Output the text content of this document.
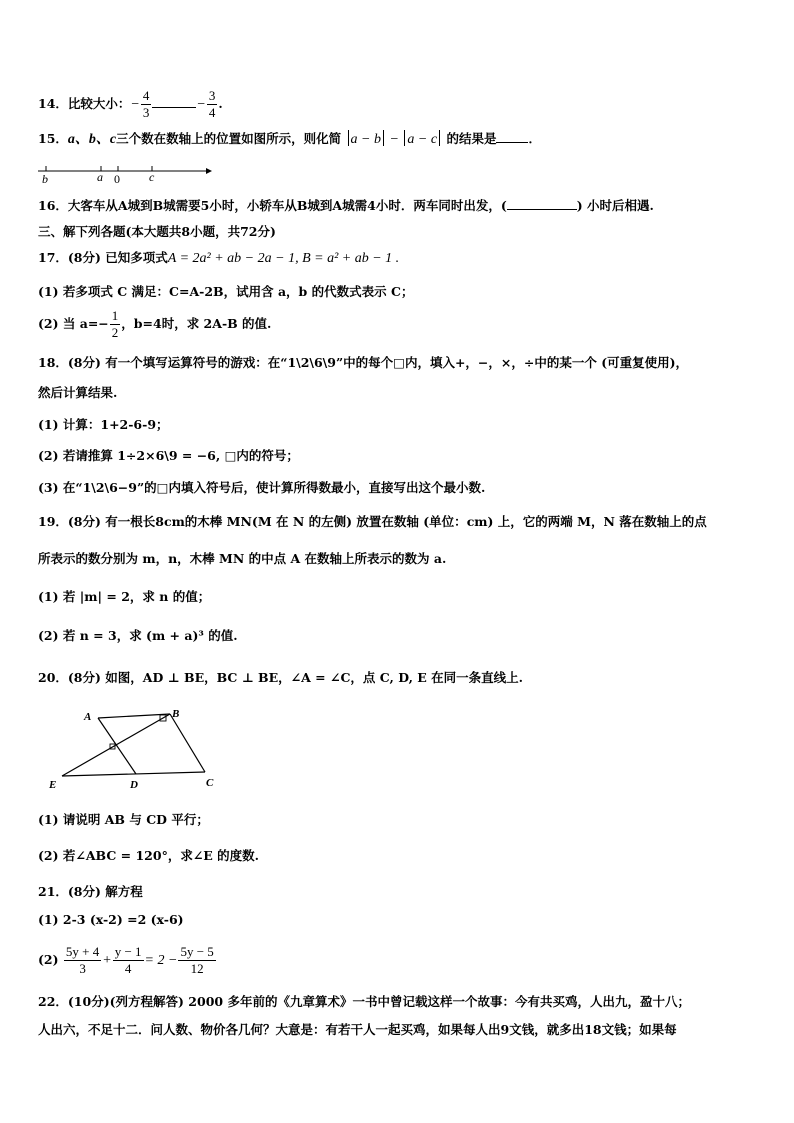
14．比较大小：− $\frac{4}{3}$	− $\frac{3}{4}$ .
15．a、b、c三个数在数轴上的位置如图所示，则化简 a − b − a − c 的结果是	．
b	a 0 c
16．大客车从A城到B城需要5小时，小轿车从B城到A城需4小时．两车同时出发，(	) 小时后相遇.
三、解下列各题(本大题共8小题，共72分)
17．(8分) 已知多项式A = 2a² + ab − 2a − 1, B = a² + ab − 1 .
(1) 若多项式 C 满足：C=A-2B，试用含 a，b 的代数式表示 C；
(2) 当 $a=- \frac{1}{2}$ ，b=4时，求 2A-B 的值.
18．(8分) 有一个填写运算符号的游戏：在“1\2\6\9”中的每个□内，填入+，−，×，÷中的某一个 (可重复使用)，
然后计算结果.
(1) 计算：1+2-6-9；
(2) 若请推算 1÷2×6\9 = −6, □内的符号；
(3) 在“1\2\6−9”的□内填入符号后，使计算所得数最小，直接写出这个最小数.
19．(8分) 有一根长8cm的木棒 MN(M 在 N 的左侧) 放置在数轴 (单位：cm) 上，它的两端 M，N 落在数轴上的点
所表示的数分别为 m，n，木棒 MN 的中点 A 在数轴上所表示的数为 a.
(1) 若 |m| = 2，求 n 的值；
(2) 若 n = 3，求 (m + a)³ 的值.
20．(8分) 如图，AD ⊥ BE，BC ⊥ BE，∠A = ∠C，点 C, D, E 在同一条直线上.
A	B
C
D
E
(1) 请说明 AB 与 CD 平行；
(2) 若∠ABC = 120°，求∠E 的度数.
21．(8分) 解方程
(1) 2-3 (x-2) =2 (x-6)
$(2) \frac{5y + 4}{3} + \frac{y - 1}{4} = 2 - \frac{5y - 5}{12}$
22．(10分)(列方程解答) 2000 多年前的《九章算术》一书中曾记载这样一个故事：今有共买鸡，人出九，盈十八；
人出六，不足十二．问人数、物价各几何？大意是：有若干人一起买鸡，如果每人出9文钱，就多出18文钱；如果每
